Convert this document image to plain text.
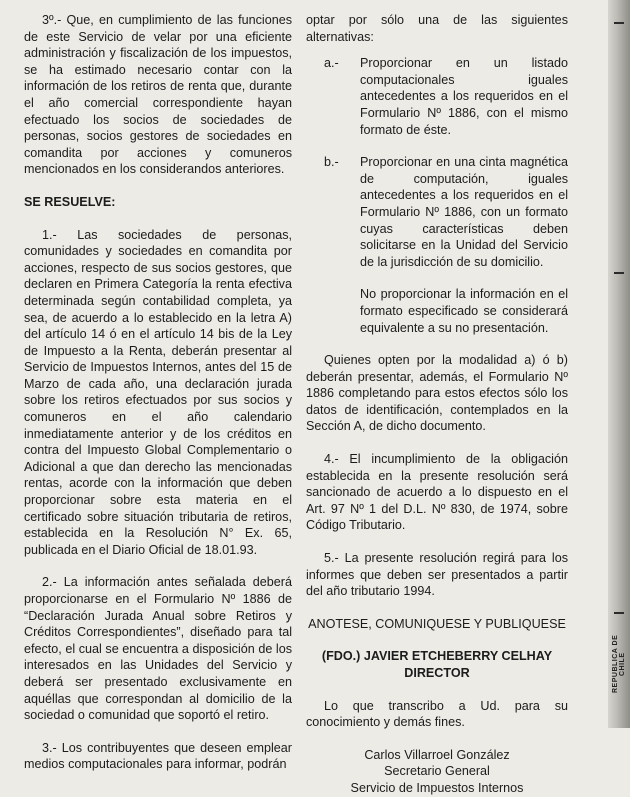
3º.- Que, en cumplimiento de las funciones de este Servicio de velar por una eficiente administración y fiscalización de los impuestos, se ha estimado necesario contar con la información de los retiros de renta que, durante el año comercial correspondiente hayan efectuado los socios de sociedades de personas, socios gestores de sociedades en comandita por acciones y comuneros mencionados en los considerandos anteriores.

SE RESUELVE:

1.- Las sociedades de personas, comunidades y sociedades en comandita por acciones, respecto de sus socios gestores, que declaren en Primera Categoría la renta efectiva determinada según contabilidad completa, ya sea, de acuerdo a lo establecido en la letra A) del artículo 14 ó en el artículo 14 bis de la Ley de Impuesto a la Renta, deberán presentar al Servicio de Impuestos Internos, antes del 15 de Marzo de cada año, una declaración jurada sobre los retiros efectuados por sus socios y comuneros en el año calendario inmediatamente anterior y de los créditos en contra del Impuesto Global Complementario o Adicional a que dan derecho las mencionadas rentas, acorde con la información que deben proporcionar sobre esta materia en el certificado sobre situación tributaria de retiros, establecida en la Resolución N° Ex. 65, publicada en el Diario Oficial de 18.01.93.

2.- La información antes señalada deberá proporcionarse en el Formulario Nº 1886 de “Declaración Jurada Anual sobre Retiros y Créditos Correspondientes”, diseñado para tal efecto, el cual se encuentra a disposición de los interesados en las Unidades del Servicio y deberá ser presentado exclusivamente en aquéllas que correspondan al domicilio de la sociedad o comunidad que soportó el retiro.

3.- Los contribuyentes que deseen emplear medios computacionales para informar, podrán

optar por sólo una de las siguientes alternativas:

a.-	Proporcionar en un listado computacionales iguales antecedentes a los requeridos en el Formulario Nº 1886, con el mismo formato de éste.

b.-	Proporcionar en una cinta magnética de computación, iguales antecedentes a los requeridos en el Formulario Nº 1886, con un formato cuyas características deben solicitarse en la Unidad del Servicio de la jurisdicción de su domicilio.

No proporcionar la información en el formato especificado se considerará equivalente a su no presentación.

Quienes opten por la modalidad a) ó b) deberán presentar, además, el Formulario Nº 1886 completando para estos efectos sólo los datos de identificación, contemplados en la Sección A, de dicho documento.

4.- El incumplimiento de la obligación establecida en la presente resolución será sancionado de acuerdo a lo dispuesto en el Art. 97 Nº 1 del D.L. Nº 830, de 1974, sobre Código Tributario.

5.- La presente resolución regirá para los informes que deben ser presentados a partir del año tributario 1994.

ANOTESE, COMUNIQUESE Y PUBLIQUESE

(FDO.) JAVIER ETCHEBERRY CELHAY

DIRECTOR

Lo que transcribo a Ud. para su conocimiento y demás fines.

Carlos Villarroel González

Secretario General

Servicio de Impuestos Internos

REPUBLICA DE CHILE
